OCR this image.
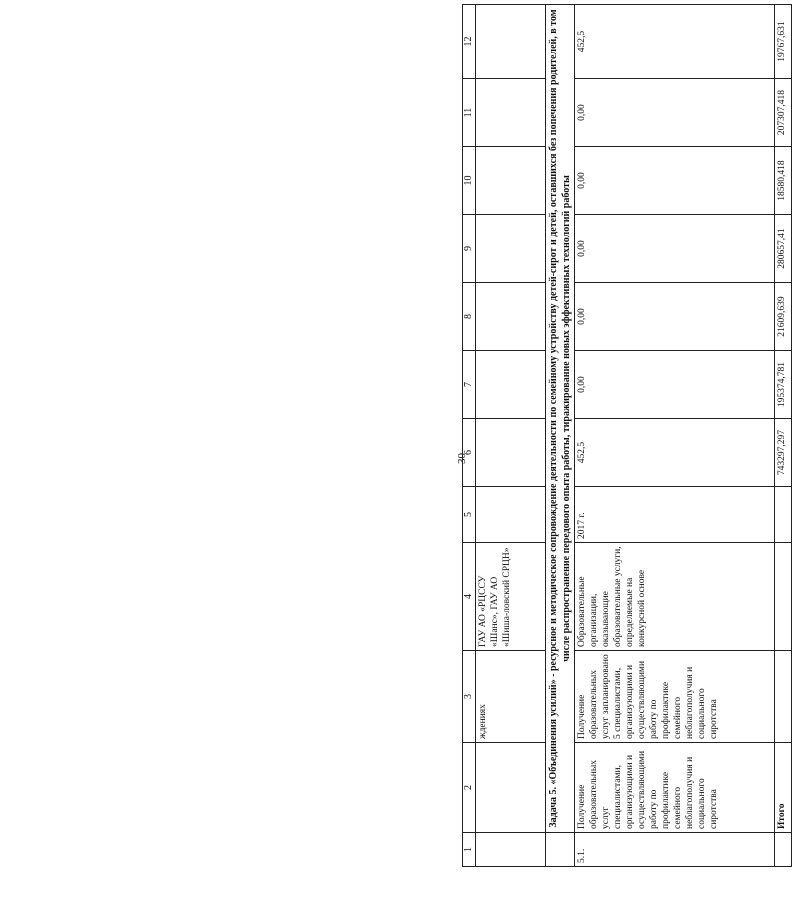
30
1	2	3	4	5	6	7	8	9	10	11	12
		ждениях	ГАУ АО «РЦССУ «Шанс», ГАУ АО «Шиша-ловский СРЦН»								
	Задача 5. «Объединения усилий» - ресурсное и методическое сопровождение деятельности по семейному устройству детей-сирот и детей, оставшихся без попечения родителей, в том числе распространение передового опыта работы, тиражирование новых эффективных технологий работы										
5.1.	Получение образовательных услуг специалистами, организующими и осуществляющими работу по профилактике семейного неблагополучия и социального сиротства	Получение образовательных услуг запланировано 5 специалистами, организующими и осуществляющими работу по профилактике семейного неблагополучия и социального сиротства	Образовательные организации, оказывающие образовательные услуги, определяемые на конкурсной основе	2017 г.	452,5	0,00	0,00	0,00	0,00	0,00	452,5
	Итого				743297,297	195374,781	21609,639	280657,41	18580,418	207307,418	19767,631
